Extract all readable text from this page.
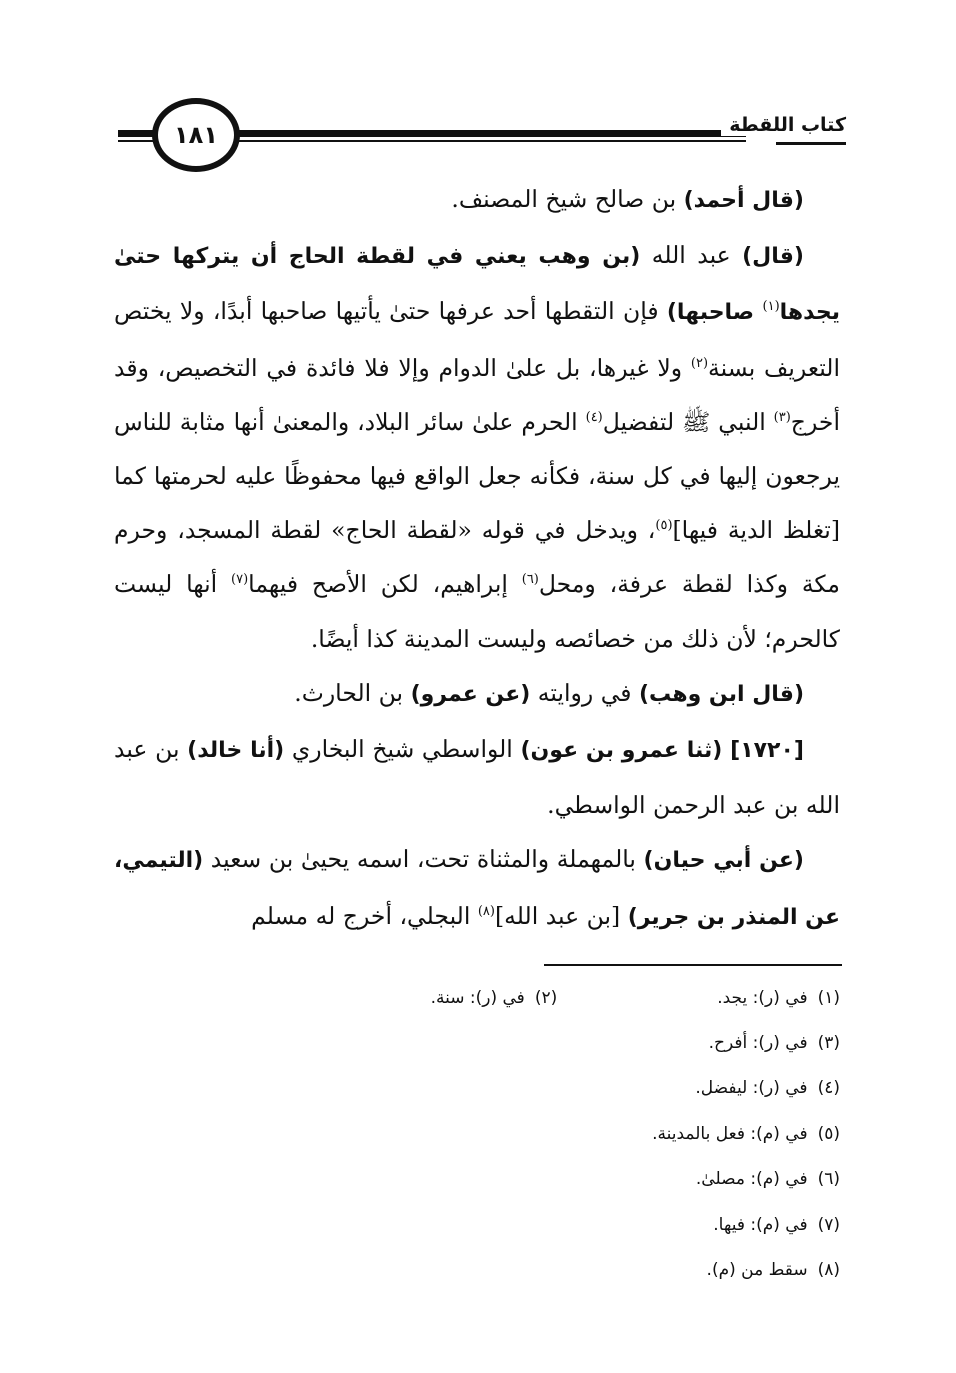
كتاب اللقطة
١٨١

(قال أحمد) بن صالح شيخ المصنف.

(قال) عبد الله (بن وهب يعني في لقطة الحاج أن يتركها حتىٰ يجدها$^{(١)}$ صاحبها) فإن التقطها أحد عرفها حتىٰ يأتيها صاحبها أبدًا، ولا يختص التعريف بسنة$^{(٢)}$ ولا غيرها، بل علىٰ الدوام وإلا فلا فائدة في التخصيص، وقد أخرج$^{(٣)}$ النبي ﷺ لتفضيل$^{(٤)}$ الحرم علىٰ سائر البلاد، والمعنىٰ أنها مثابة للناس يرجعون إليها في كل سنة، فكأنه جعل الواقع فيها محفوظًا عليه لحرمتها كما [تغلظ الدية فيها]$^{(٥)}$، ويدخل في قوله «لقطة الحاج» لقطة المسجد، وحرم مكة وكذا لقطة عرفة، ومحل$^{(٦)}$ إبراهيم، لكن الأصح فيهما$^{(٧)}$ أنها ليست كالحرم؛ لأن ذلك من خصائصه وليست المدينة كذا أيضًا.

(قال ابن وهب) في روايته (عن عمرو) بن الحارث.

[١٧٢٠] (ثنا عمرو بن عون) الواسطي شيخ البخاري (أنا خالد) بن عبد الله بن عبد الرحمن الواسطي.

(عن أبي حيان) بالمهملة والمثناة تحت، اسمه يحيىٰ بن سعيد (التيمي، عن المنذر بن جرير) [بن عبد الله]$^{(٨)}$ البجلي، أخرج له مسلم

(١)
في (ر): يجد.
(٢)
في (ر): سنة.
(٣)
في (ر): أفرح.
(٤)
في (ر): ليفضل.
(٥)
في (م): فعل بالمدينة.
(٦)
في (م): مصلىٰ.
(٧)
في (م): فيها.
(٨)
سقط من (م).
